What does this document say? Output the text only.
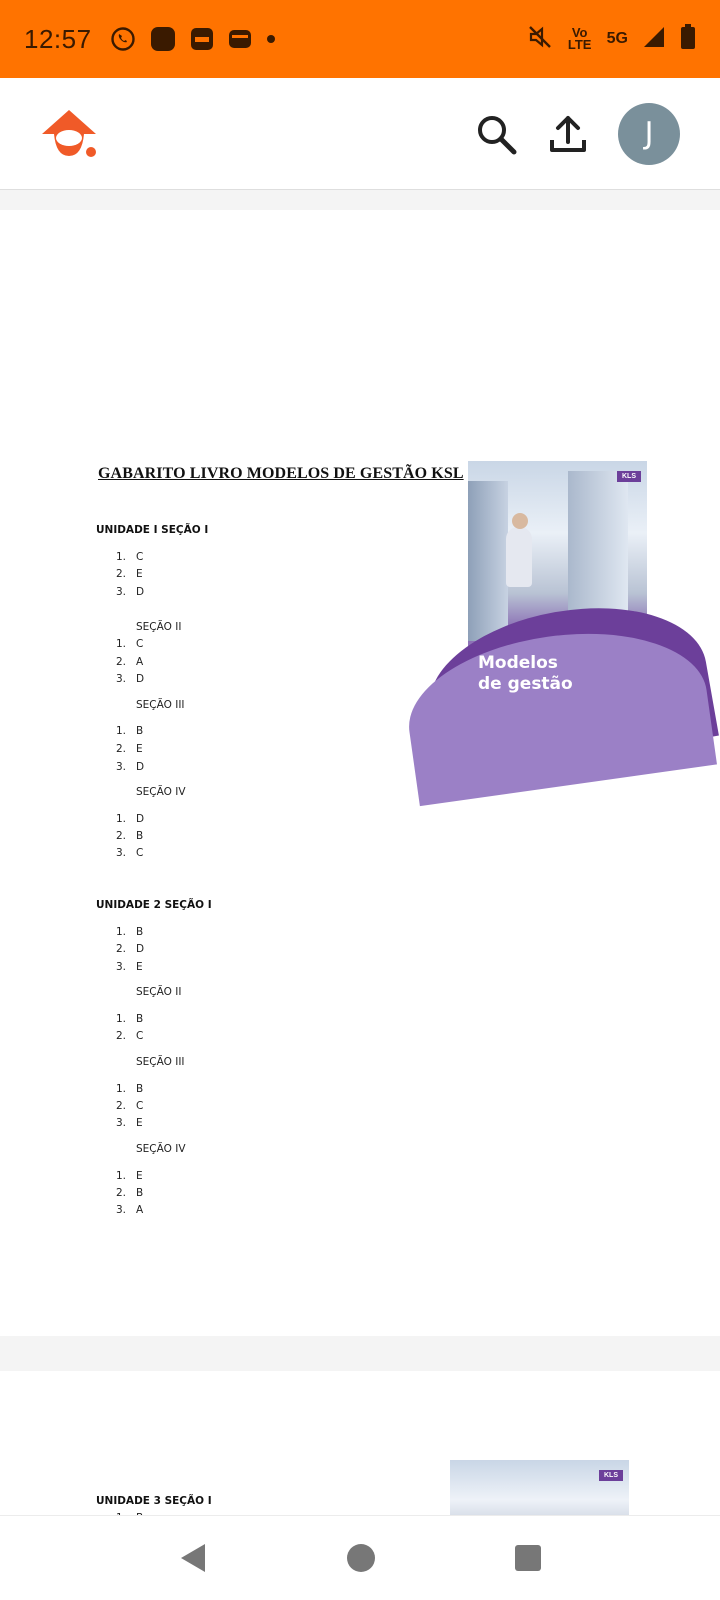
12:57	Vo LTE 5G
J
GABARITO LIVRO MODELOS DE GESTÃO KSL	KLS
Modelos
de gestão
UNIDADE I SEÇÃO I
1. C
2. E
3. D
SEÇÃO II
1. C
2. A
3. D
SEÇÃO III
1. B
2. E
3. D
SEÇÃO IV
1. D
2. B
3. C
UNIDADE 2 SEÇÃO I
1. B
2. D
3. E
SEÇÃO II
1. B
2. C
SEÇÃO III
1. B
2. C
3. E
SEÇÃO IV
1. E
2. B
3. A
KLS
UNIDADE 3 SEÇÃO I
